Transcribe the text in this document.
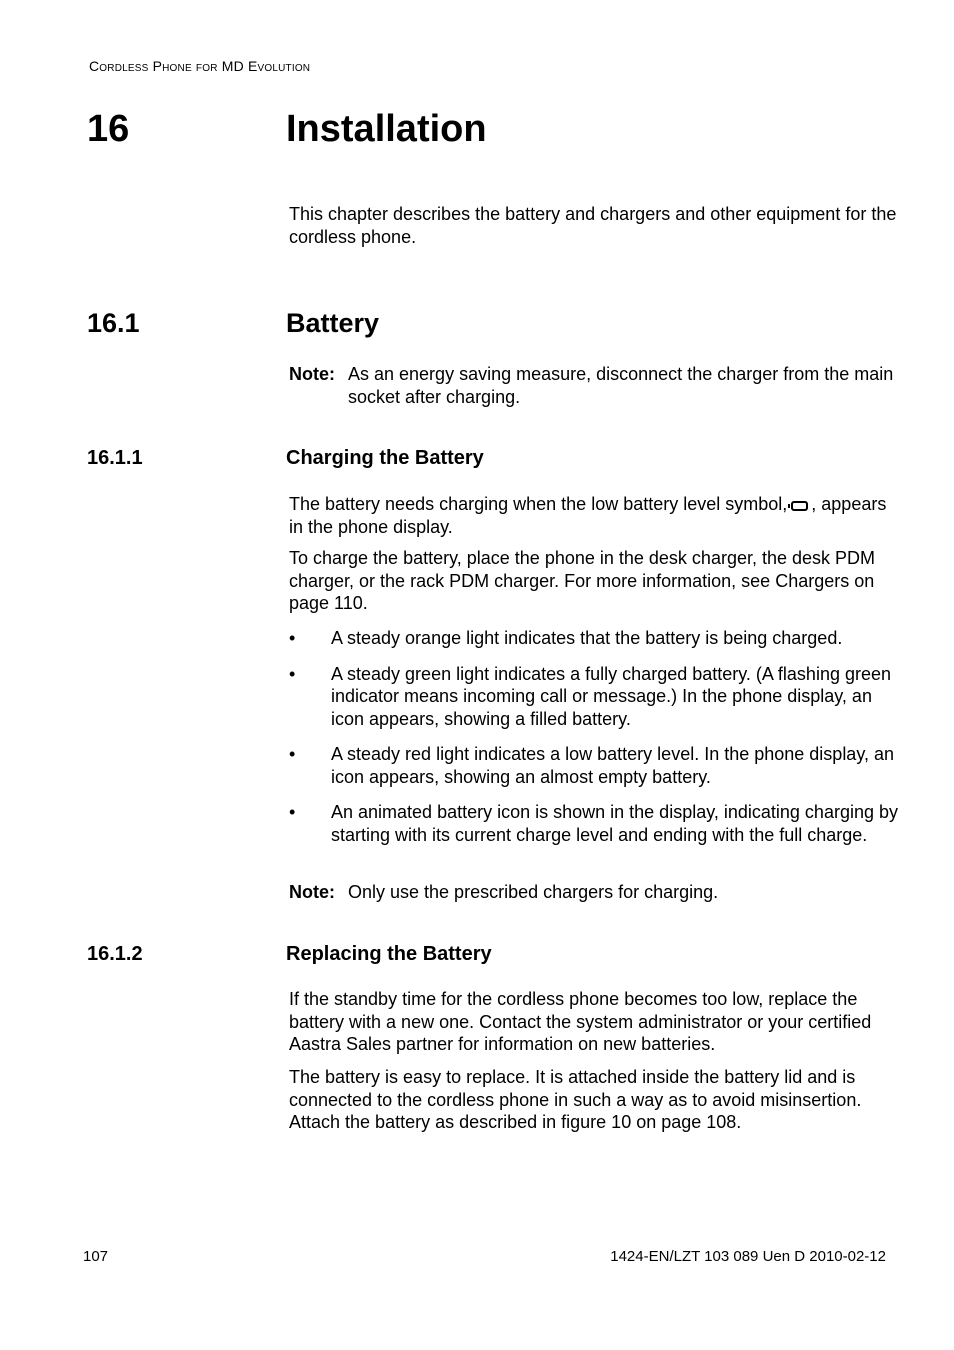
Cordless Phone for MD Evolution
16	Installation

This chapter describes the battery and chargers and other equipment for the cordless phone.

16.1	Battery
Note: As an energy saving measure, disconnect the charger from the main socket after charging.
16.1.1	Charging the Battery

The battery needs charging when the low battery level symbol, , appears in the phone display.

To charge the battery, place the phone in the desk charger, the desk PDM charger, or the rack PDM charger. For more information, see Chargers on page 110.

•	A steady orange light indicates that the battery is being charged.
•	A steady green light indicates a fully charged battery. (A flashing green indicator means incoming call or message.) In the phone display, an icon appears, showing a filled battery.
•	A steady red light indicates a low battery level. In the phone display, an icon appears, showing an almost empty battery.
•	An animated battery icon is shown in the display, indicating charging by starting with its current charge level and ending with the full charge.
Note: Only use the prescribed chargers for charging.
16.1.2	Replacing the Battery

If the standby time for the cordless phone becomes too low, replace the battery with a new one. Contact the system administrator or your certified Aastra Sales partner for information on new batteries.

The battery is easy to replace. It is attached inside the battery lid and is connected to the cordless phone in such a way as to avoid misinsertion. Attach the battery as described in figure 10 on page 108.

107	1424-EN/LZT 103 089 Uen D 2010-02-12
